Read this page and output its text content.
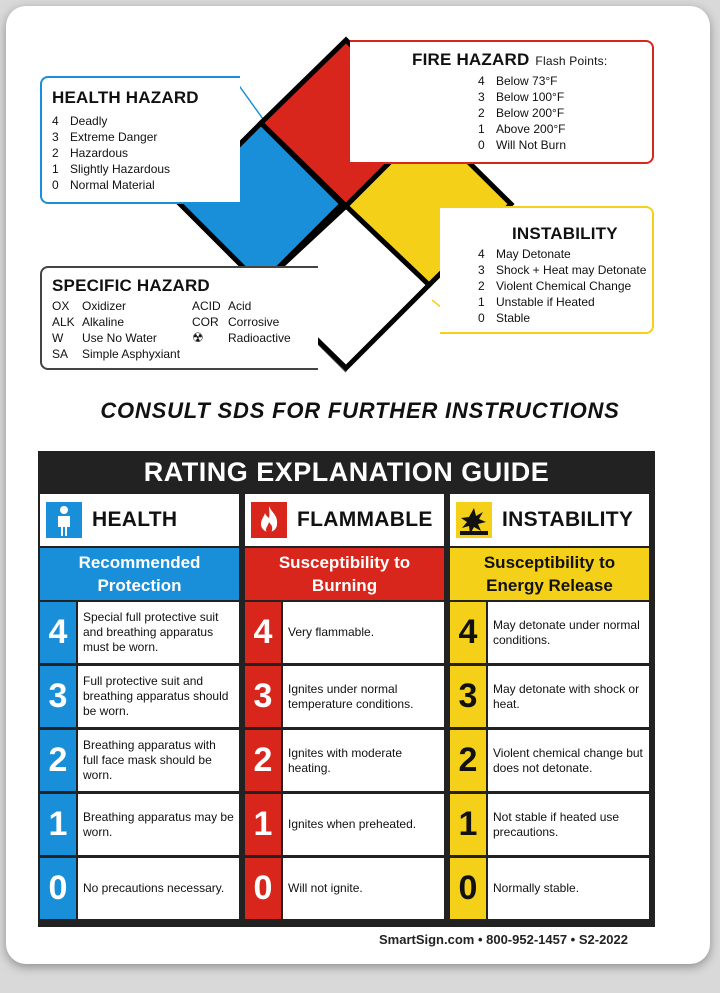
HEALTH HAZARD
4 Deadly
3 Extreme Danger
2 Hazardous
1 Slightly Hazardous
0 Normal Material
FIRE HAZARD Flash Points:
4 Below 73°F
3 Below 100°F
2 Below 200°F
1 Above 200°F
0 Will Not Burn
INSTABILITY
4 May Detonate
3 Shock + Heat may Detonate
2 Violent Chemical Change
1 Unstable if Heated
0 Stable
SPECIFIC HAZARD
OX	Oxidizer	ACID Acid
ALK Alkaline	COR Corrosive
W	Use No Water	☢	Radioactive
SA	Simple Asphyxiant
CONSULT SDS FOR FURTHER INSTRUCTIONS
RATING EXPLANATION GUIDE
HEALTH
Recommended
Protection
4	Special full protective suit and breathing apparatus must be worn.
3	Full protective suit and breathing apparatus should be worn.
2	Breathing apparatus with full face mask should be worn.
1	Breathing apparatus may be worn.
0	No precautions necessary.
FLAMMABLE
Susceptibility to
Burning
4	Very flammable.
3	Ignites under normal temperature conditions.
2	Ignites with moderate heating.
1	Ignites when preheated.
0	Will not ignite.
INSTABILITY
Susceptibility to
Energy Release
4	May detonate under normal conditions.
3	May detonate with shock or heat.
2	Violent chemical change but does not detonate.
1	Not stable if heated use precautions.
0	Normally stable.
SmartSign.com • 800-952-1457 • S2-2022
